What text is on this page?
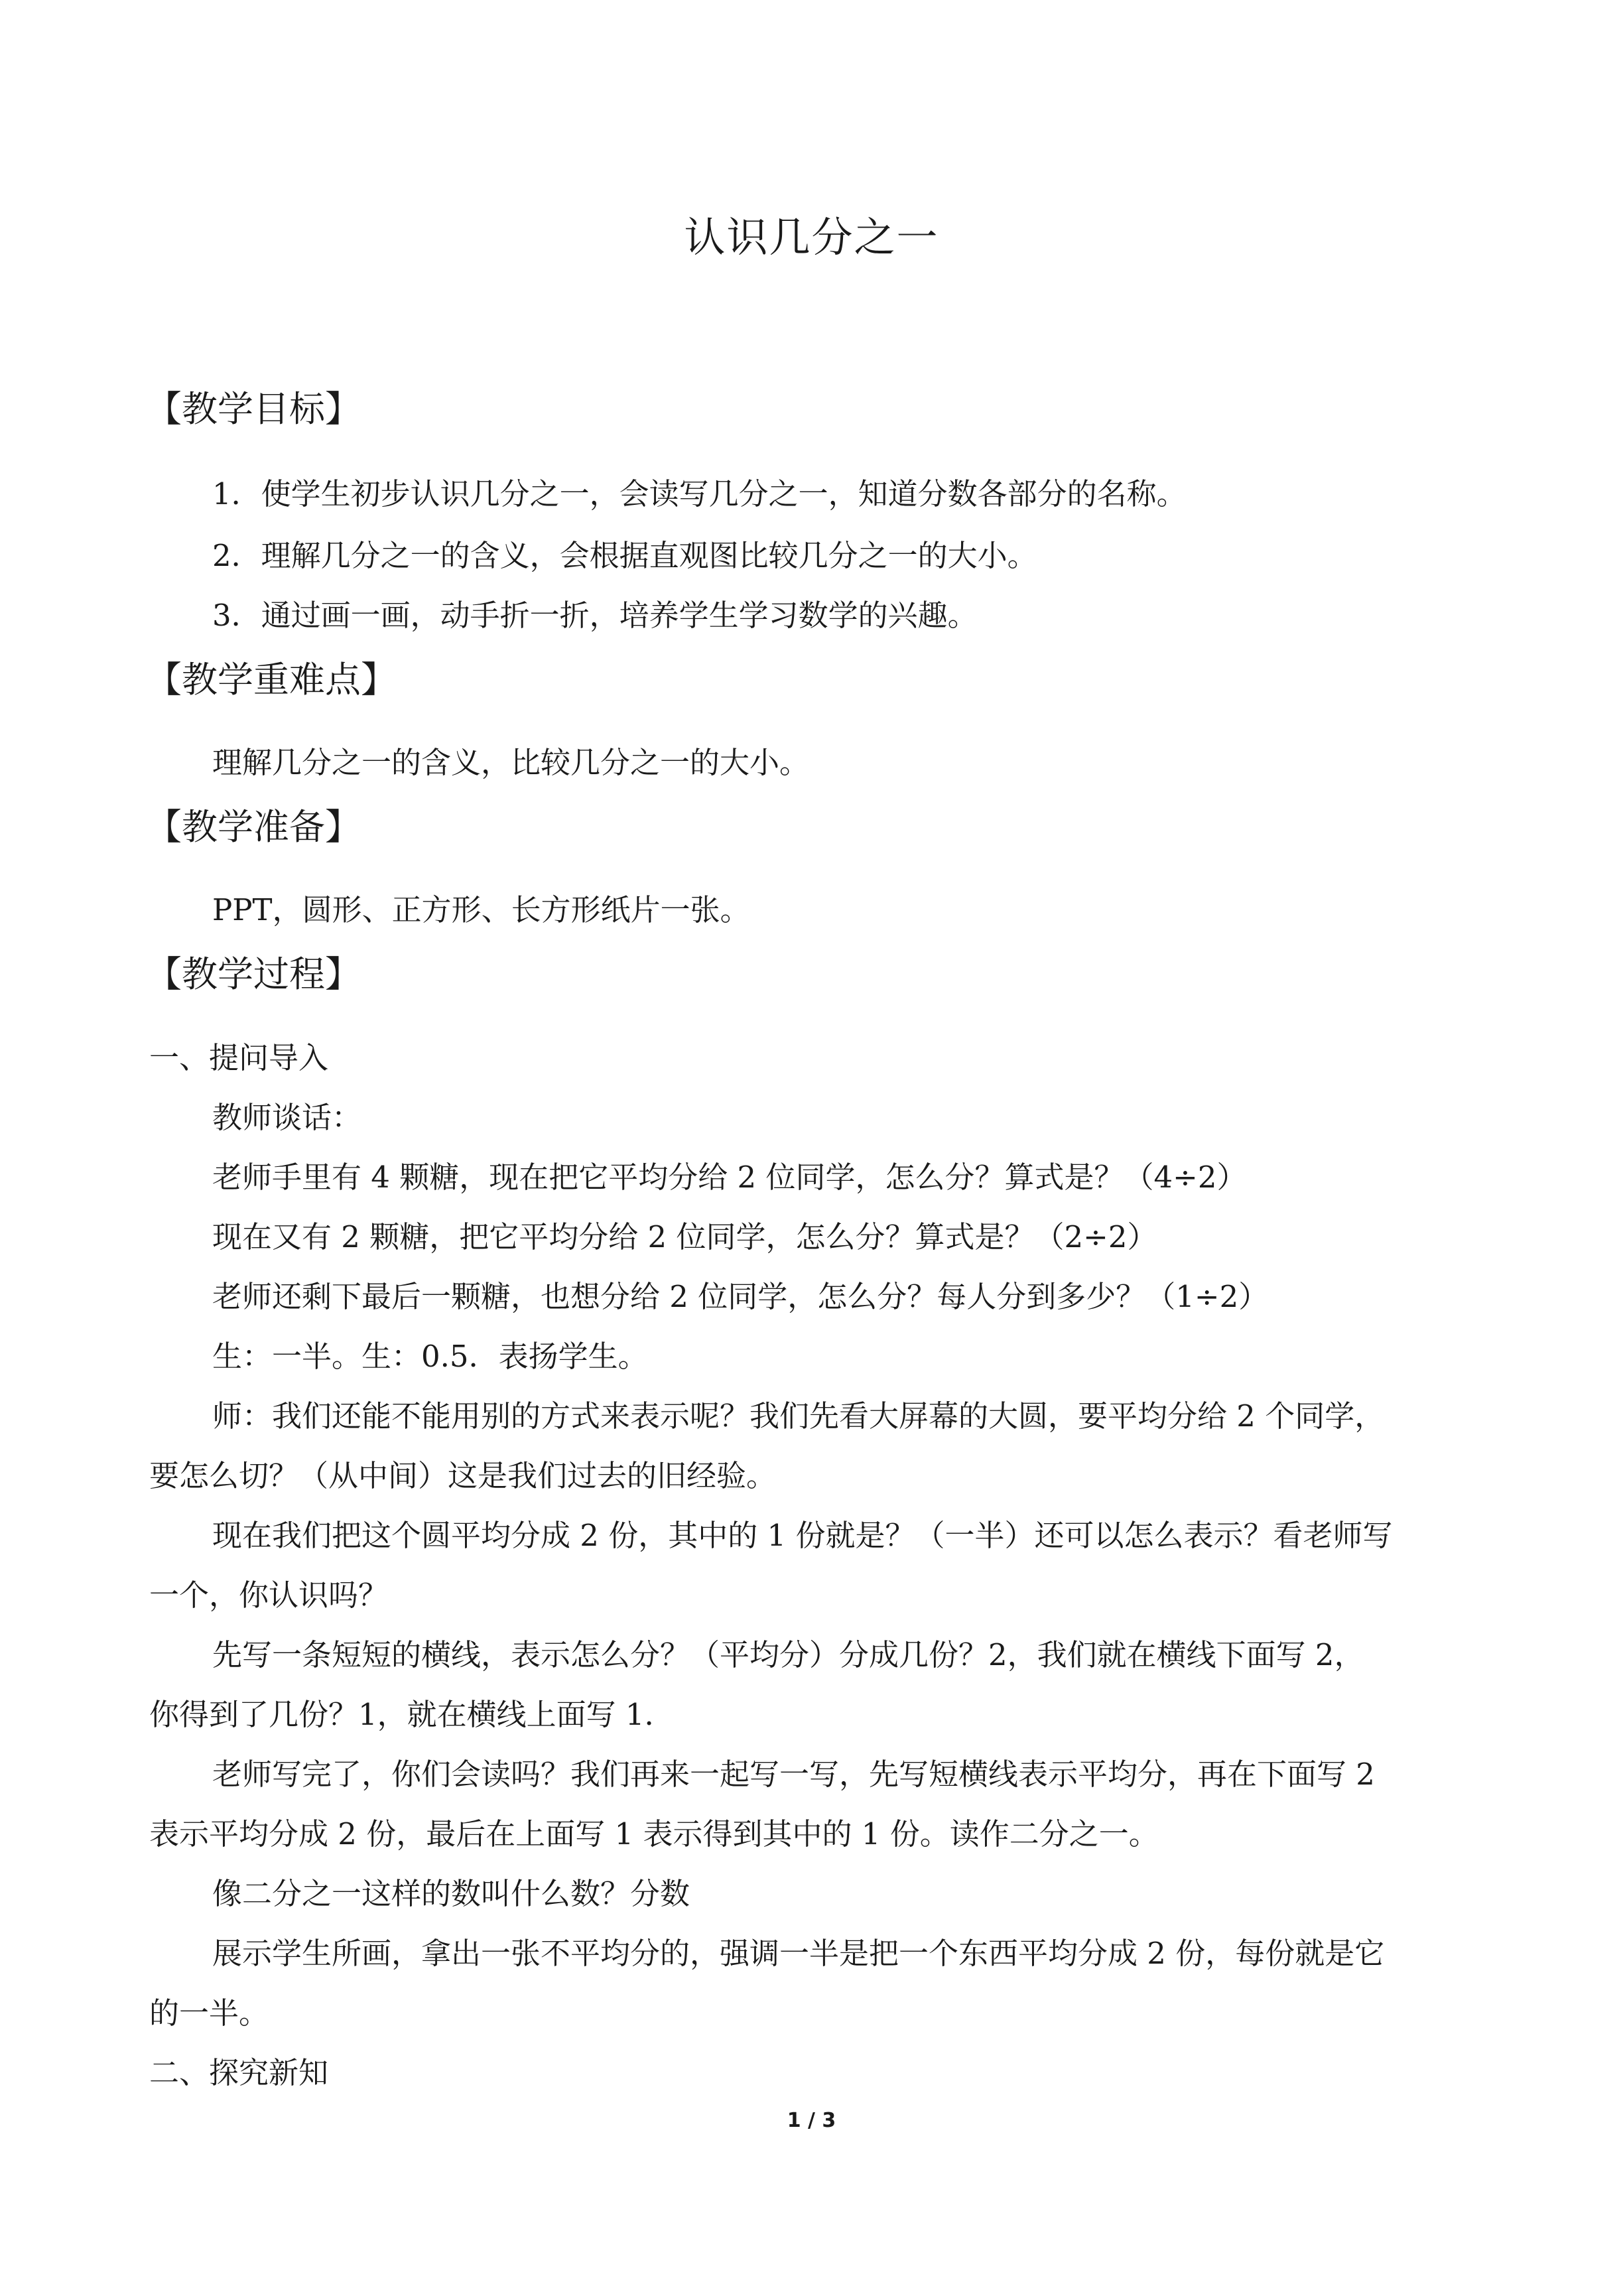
认识几分之一
【教学目标】
1．使学生初步认识几分之一，会读写几分之一，知道分数各部分的名称。
2．理解几分之一的含义，会根据直观图比较几分之一的大小。
3．通过画一画，动手折一折，培养学生学习数学的兴趣。
【教学重难点】
理解几分之一的含义，比较几分之一的大小。
【教学准备】
PPT，圆形、正方形、长方形纸片一张。
【教学过程】
一、提问导入
教师谈话：
老师手里有 4 颗糖，现在把它平均分给 2 位同学，怎么分？算式是？（4÷2）
现在又有 2 颗糖，把它平均分给 2 位同学，怎么分？算式是？（2÷2）
老师还剩下最后一颗糖，也想分给 2 位同学，怎么分？每人分到多少？（1÷2）
生：一半。生：0.5．表扬学生。
师：我们还能不能用别的方式来表示呢？我们先看大屏幕的大圆，要平均分给 2 个同学，
要怎么切？（从中间）这是我们过去的旧经验。
现在我们把这个圆平均分成 2 份，其中的 1 份就是？（一半）还可以怎么表示？看老师写
一个，你认识吗？
先写一条短短的横线，表示怎么分？（平均分）分成几份？2，我们就在横线下面写 2，
你得到了几份？1，就在横线上面写 1．
老师写完了，你们会读吗？我们再来一起写一写，先写短横线表示平均分，再在下面写 2
表示平均分成 2 份，最后在上面写 1 表示得到其中的 1 份。读作二分之一。
像二分之一这样的数叫什么数？分数
展示学生所画，拿出一张不平均分的，强调一半是把一个东西平均分成 2 份，每份就是它
的一半。
二、探究新知
1 / 3
